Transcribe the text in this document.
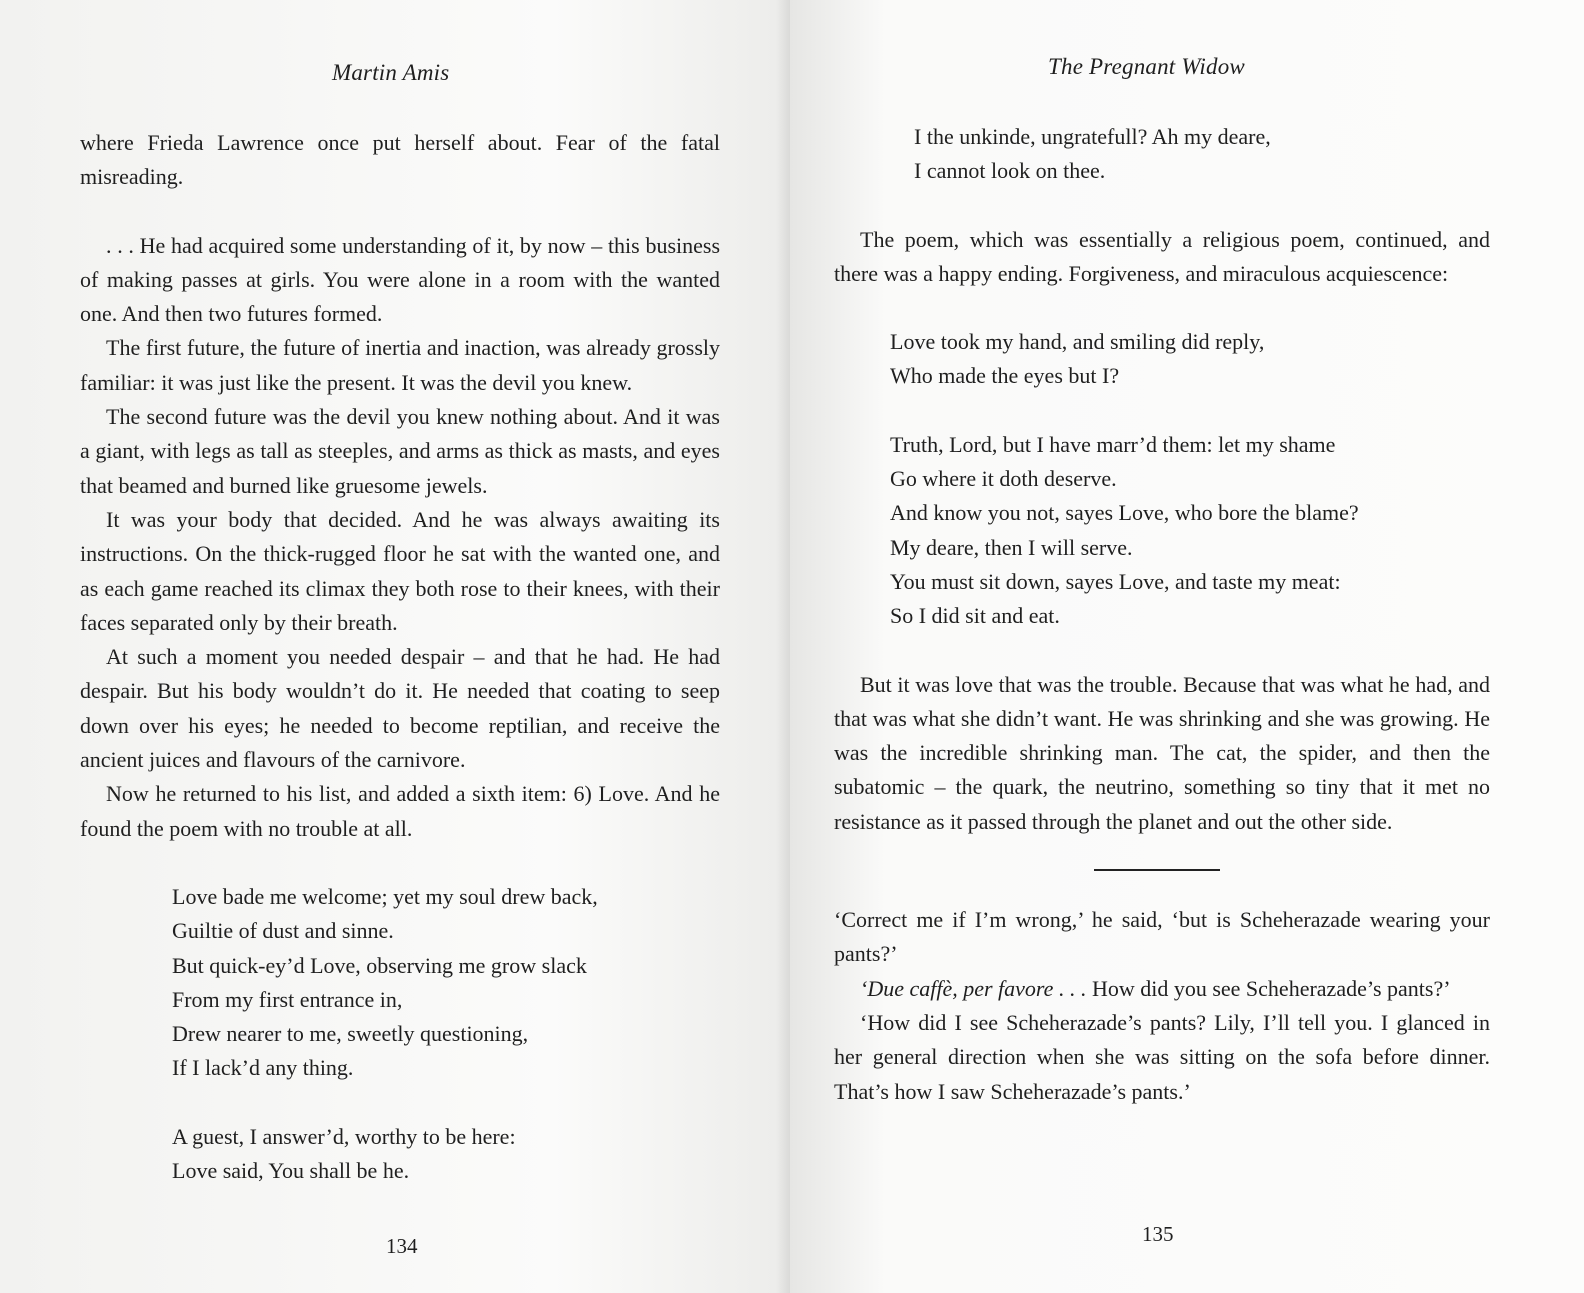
Martin Amis

where Frieda Lawrence once put herself about. Fear of the fatal misreading.

. . . He had acquired some understanding of it, by now – this business of making passes at girls. You were alone in a room with the wanted one. And then two futures formed.

The first future, the future of inertia and inaction, was already grossly familiar: it was just like the present. It was the devil you knew.

The second future was the devil you knew nothing about. And it was a giant, with legs as tall as steeples, and arms as thick as masts, and eyes that beamed and burned like gruesome jewels.

It was your body that decided. And he was always awaiting its instructions. On the thick-rugged floor he sat with the wanted one, and as each game reached its climax they both rose to their knees, with their faces separated only by their breath.

At such a moment you needed despair – and that he had. He had despair. But his body wouldn’t do it. He needed that coating to seep down over his eyes; he needed to become reptilian, and receive the ancient juices and flavours of the carnivore.

Now he returned to his list, and added a sixth item: 6) Love. And he found the poem with no trouble at all.

Love bade me welcome; yet my soul drew back,
Guiltie of dust and sinne.
But quick-ey’d Love, observing me grow slack
From my first entrance in,
Drew nearer to me, sweetly questioning,
If I lack’d any thing.
A guest, I answer’d, worthy to be here:
Love said, You shall be he.
134
The Pregnant Widow
I the unkinde, ungratefull? Ah my deare,
I cannot look on thee.

The poem, which was essentially a religious poem, continued, and there was a happy ending. Forgiveness, and miraculous acquiescence:

Love took my hand, and smiling did reply,
Who made the eyes but I?
Truth, Lord, but I have marr’d them: let my shame
Go where it doth deserve.
And know you not, sayes Love, who bore the blame?
My deare, then I will serve.
You must sit down, sayes Love, and taste my meat:
So I did sit and eat.

But it was love that was the trouble. Because that was what he had, and that was what she didn’t want. He was shrinking and she was growing. He was the incredible shrinking man. The cat, the spider, and then the subatomic – the quark, the neutrino, something so tiny that it met no resistance as it passed through the planet and out the other side.

‘Correct me if I’m wrong,’ he said, ‘but is Scheherazade wearing your pants?’

‘Due caffè, per favore . . . How did you see Scheherazade’s pants?’

‘How did I see Scheherazade’s pants? Lily, I’ll tell you. I glanced in her general direction when she was sitting on the sofa before dinner. That’s how I saw Scheherazade’s pants.’

135
